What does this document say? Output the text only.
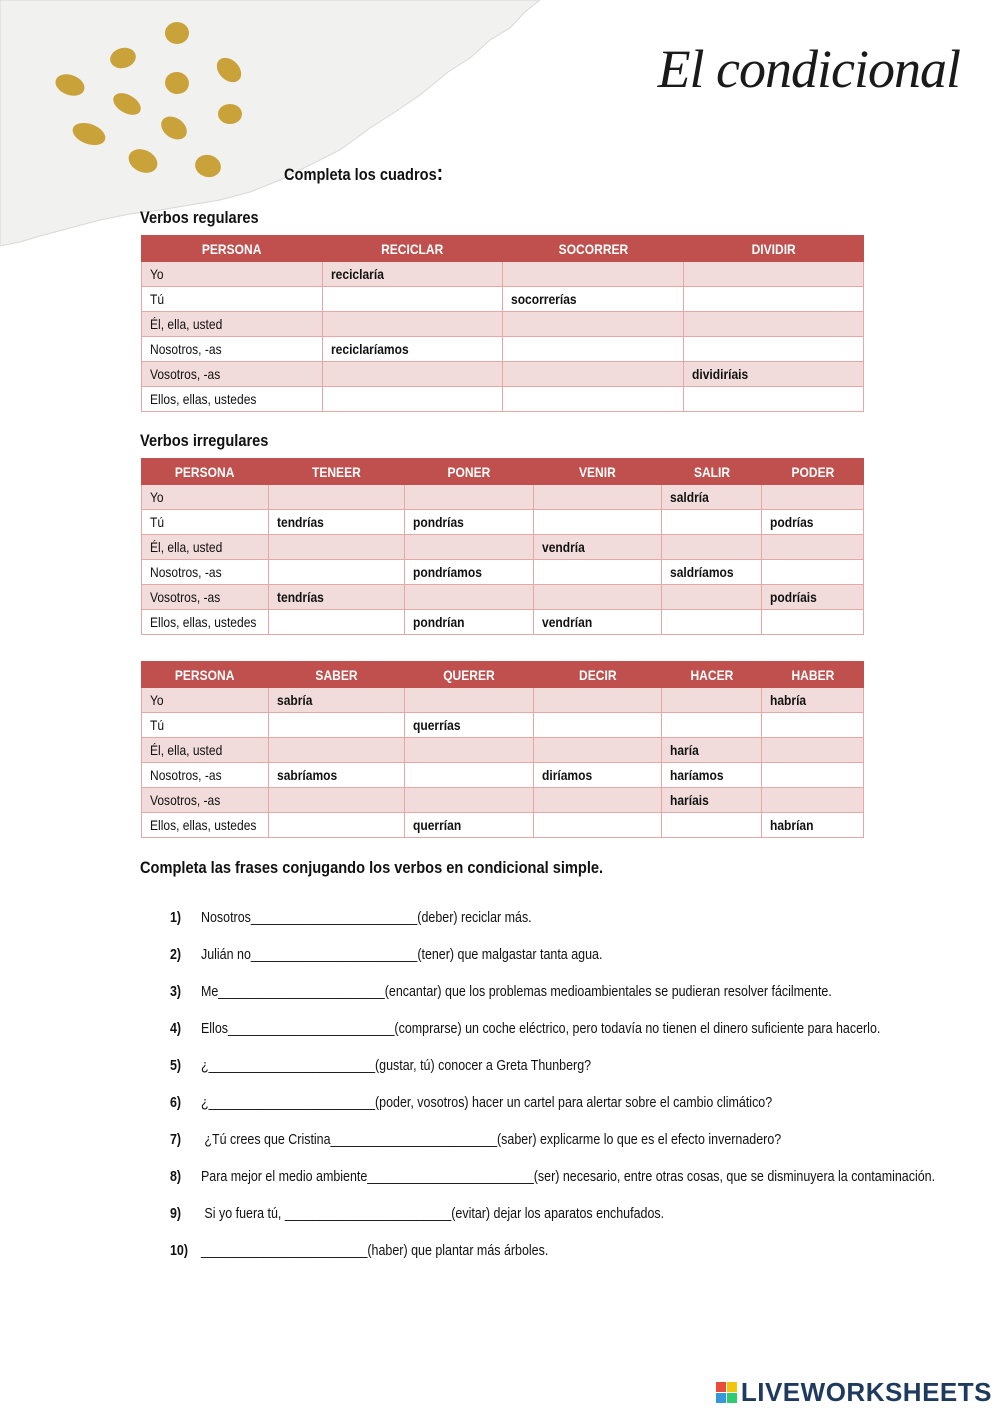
El condicional
Completa los cuadros:
Verbos regulares
PERSONA	RECICLAR	SOCORRER	DIVIDIR
Yo	reciclaría		
Tú		socorrerías	
Él, ella, usted			
Nosotros, -as	reciclaríamos		
Vosotros, -as			dividiríais
Ellos, ellas, ustedes			
Verbos irregulares
PERSONA	TENEER	PONER	VENIR	SALIR	PODER
Yo				saldría	
Tú	tendrías	pondrías			podrías
Él, ella, usted			vendría		
Nosotros, -as		pondríamos		saldríamos	
Vosotros, -as	tendrías				podríais
Ellos, ellas, ustedes		pondrían	vendrían		
PERSONA	SABER	QUERER	DECIR	HACER	HABER
Yo	sabría				habría
Tú		querrías			
Él, ella, usted				haría	
Nosotros, -as	sabríamos		diríamos	haríamos	
Vosotros, -as				haríais	
Ellos, ellas, ustedes		querrían			habrían
Completa las frases conjugando los verbos en condicional simple.
1) Nosotros________________________(deber) reciclar más.
2) Julián no________________________(tener) que malgastar tanta agua.
3) Me________________________(encantar) que los problemas medioambientales se pudieran resolver fácilmente.
4) Ellos________________________(comprarse) un coche eléctrico, pero todavía no tienen el dinero suficiente para hacerlo.
5) ¿________________________(gustar, tú) conocer a Greta Thunberg?
6) ¿________________________(poder, vosotros) hacer un cartel para alertar sobre el cambio climático?
7) ¿Tú crees que Cristina________________________(saber) explicarme lo que es el efecto invernadero?
8) Para mejor el medio ambiente________________________(ser) necesario, entre otras cosas, que se disminuyera la contaminación.
9) Si yo fuera tú, ________________________(evitar) dejar los aparatos enchufados.
10) ________________________(haber) que plantar más árboles.
LIVEWORKSHEETS
